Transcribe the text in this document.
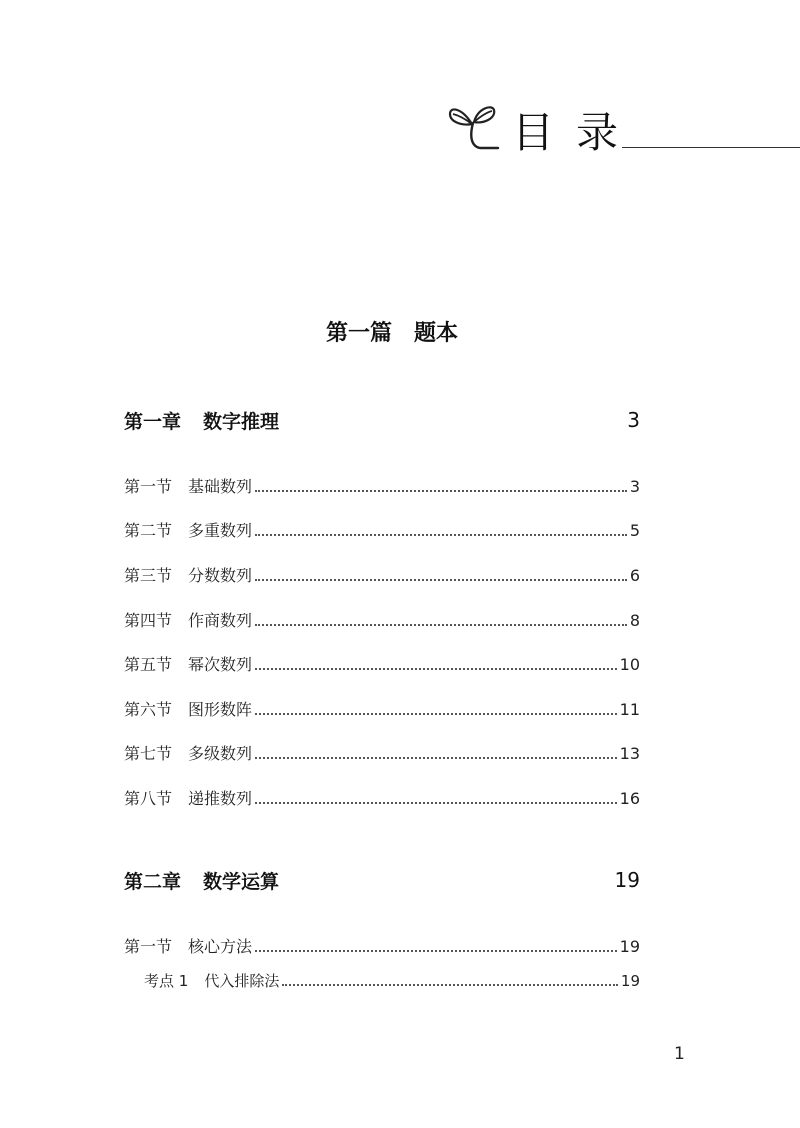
目录
第一篇 题本
第一章 数字推理	3
第一节 基础数列	3
第二节 多重数列	5
第三节 分数数列	6
第四节 作商数列	8
第五节 幂次数列	10
第六节 图形数阵	11
第七节 多级数列	13
第八节 递推数列	16
第二章 数学运算	19
第一节 核心方法	19
考点 1 代入排除法	19
1
